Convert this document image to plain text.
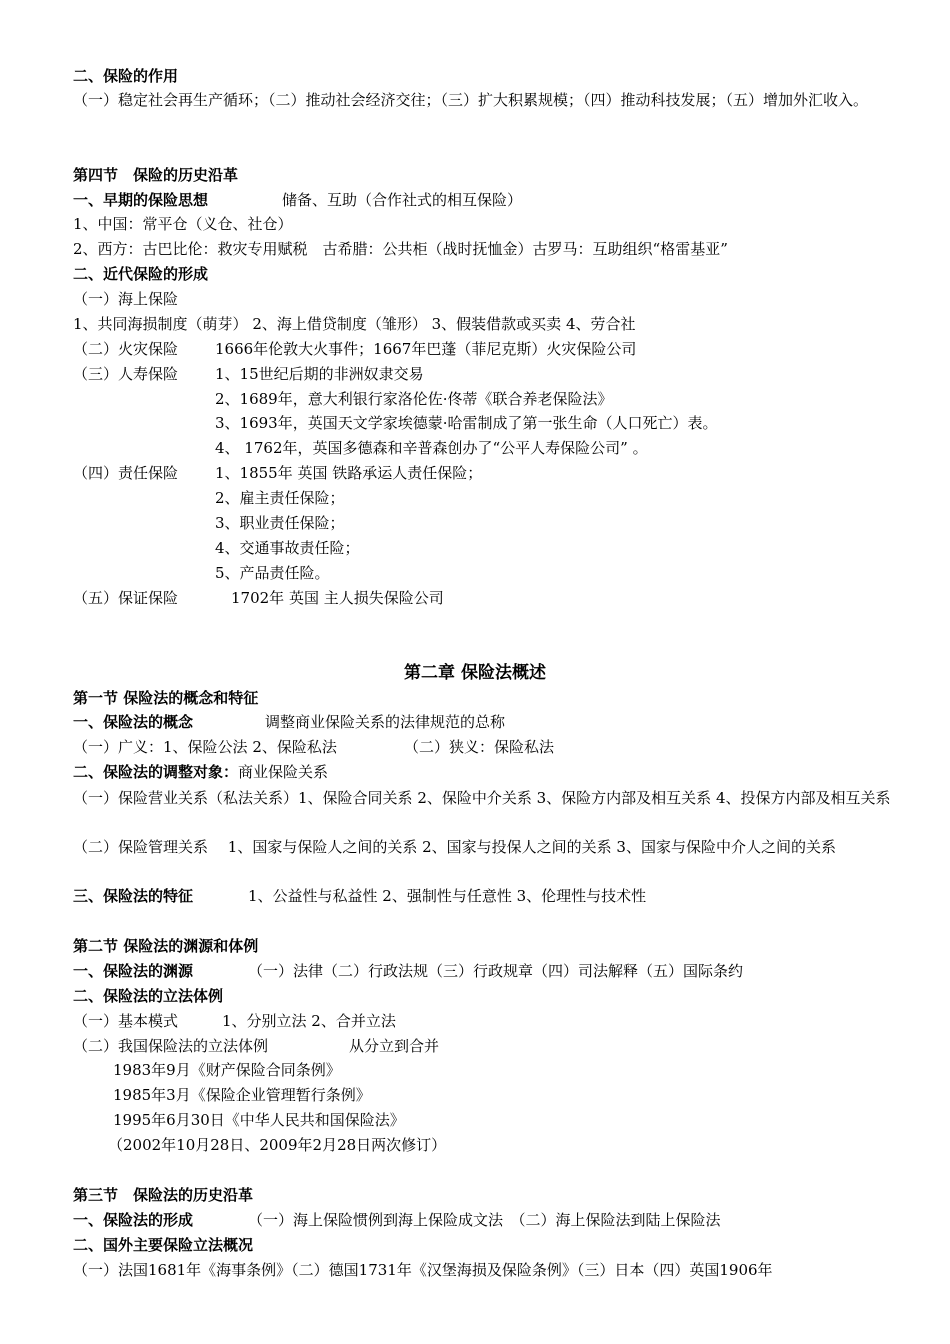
二、保险的作用
（一）稳定社会再生产循环；（二）推动社会经济交往；（三）扩大积累规模；（四）推动科技发展；（五）增加外汇收入。
第四节　保险的历史沿革
一、早期的保险思想	储备、互助（合作社式的相互保险）
1、中国：常平仓（义仓、社仓）
2、西方：古巴比伦：救灾专用赋税　古希腊：公共柜（战时抚恤金）古罗马：互助组织“格雷基亚”
二、近代保险的形成
（一）海上保险
1、共同海损制度（萌芽） 2、海上借贷制度（雏形） 3、假装借款或买卖 4、劳合社
（二）火灾保险 1666年伦敦大火事件；1667年巴蓬（菲尼克斯）火灾保险公司
（三）人寿保险 1、15世纪后期的非洲奴隶交易
2、1689年，意大利银行家洛伦佐·佟蒂《联合养老保险法》
3、1693年，英国天文学家埃德蒙·哈雷制成了第一张生命（人口死亡）表。
4、 1762年，英国多德森和辛普森创办了“公平人寿保险公司” 。
（四）责任保险 1、1855年 英国 铁路承运人责任保险；
2、雇主责任保险；
3、职业责任保险；
4、交通事故责任险；
5、产品责任险。
（五）保证保险	1702年 英国 主人损失保险公司
第二章 保险法概述
第一节 保险法的概念和特征
一、保险法的概念	调整商业保险关系的法律规范的总称
（一）广义：1、保险公法 2、保险私法	（二）狭义：保险私法
二、保险法的调整对象：商业保险关系
（一）保险营业关系（私法关系）1、保险合同关系 2、保险中介关系 3、保险方内部及相互关系 4、投保方内部及相互关系
（二）保险管理关系　 1、国家与保险人之间的关系 2、国家与投保人之间的关系 3、国家与保险中介人之间的关系
三、保险法的特征	1、公益性与私益性 2、强制性与任意性 3、伦理性与技术性
第二节 保险法的渊源和体例
一、保险法的渊源	（一）法律（二）行政法规（三）行政规章（四）司法解释（五）国际条约
二、保险法的立法体例
（一）基本模式	1、分别立法 2、合并立法
（二）我国保险法的立法体例	从分立到合并
1983年9月《财产保险合同条例》
1985年3月《保险企业管理暂行条例》
1995年6月30日《中华人民共和国保险法》
（2002年10月28日、2009年2月28日两次修订）
第三节　保险法的历史沿革
一、保险法的形成	（一）海上保险惯例到海上保险成文法　（二）海上保险法到陆上保险法
二、国外主要保险立法概况
（一）法国1681年《海事条例》（二）德国1731年《汉堡海损及保险条例》（三）日本（四）英国1906年
